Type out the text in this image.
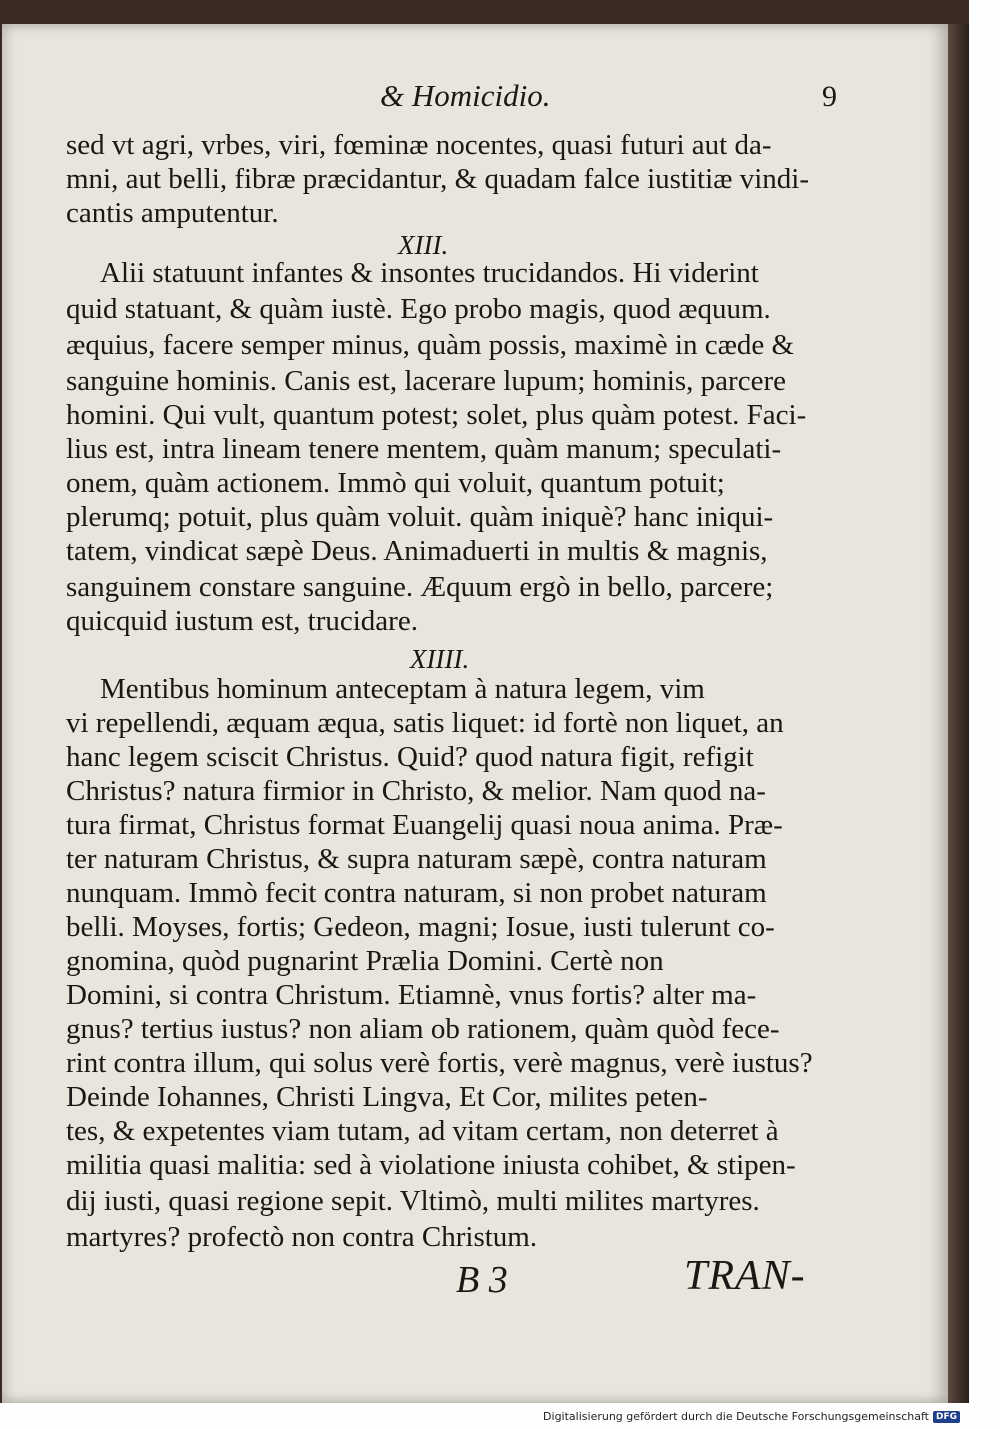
& Homicidio.	9
sed vt agri, vrbes, viri, fœminæ nocentes, quasi futuri aut da-
mni, aut belli, fibræ præcidantur, & quadam falce iustitiæ vindi-
cantis amputentur.
XIII.
Alii statuunt infantes & insontes trucidandos. Hi viderint
quid statuant, & quàm iustè. Ego probo magis, quod æquum.
æquius, facere semper minus, quàm possis, maximè in cæde &
sanguine hominis. Canis est, lacerare lupum; hominis, parcere
homini. Qui vult, quantum potest; solet, plus quàm potest. Faci-
lius est, intra lineam tenere mentem, quàm manum; speculati-
onem, quàm actionem. Immò qui voluit, quantum potuit;
plerumq; potuit, plus quàm voluit. quàm iniquè? hanc iniqui-
tatem, vindicat sæpè Deus. Animaduerti in multis & magnis,
sanguinem constare sanguine. Æquum ergò in bello, parcere;
quicquid iustum est, trucidare.
XIIII.
Mentibus hominum anteceptam à natura legem, vim
vi repellendi, æquam æqua, satis liquet: id fortè non liquet, an
hanc legem sciscit Christus. Quid? quod natura figit, refigit
Christus? natura firmior in Christo, & melior. Nam quod na-
tura firmat, Christus format Euangelij quasi noua anima. Præ-
ter naturam Christus, & supra naturam sæpè, contra naturam
nunquam. Immò fecit contra naturam, si non probet naturam
belli. Moyses, fortis; Gedeon, magni; Iosue, iusti tulerunt co-
gnomina, quòd pugnarint Prælia Domini. Certè non
Domini, si contra Christum. Etiamnè, vnus fortis? alter ma-
gnus? tertius iustus? non aliam ob rationem, quàm quòd fece-
rint contra illum, qui solus verè fortis, verè magnus, verè iustus?
Deinde Iohannes, Christi Lingva, Et Cor, milites peten-
tes, & expetentes viam tutam, ad vitam certam, non deterret à
militia quasi malitia: sed à violatione iniusta cohibet, & stipen-
dij iusti, quasi regione sepit. Vltimò, multi milites martyres.
martyres? profectò non contra Christum.
B 3	TRAN-
Digitalisierung gefördert durch die Deutsche Forschungsgemeinschaft DFG
